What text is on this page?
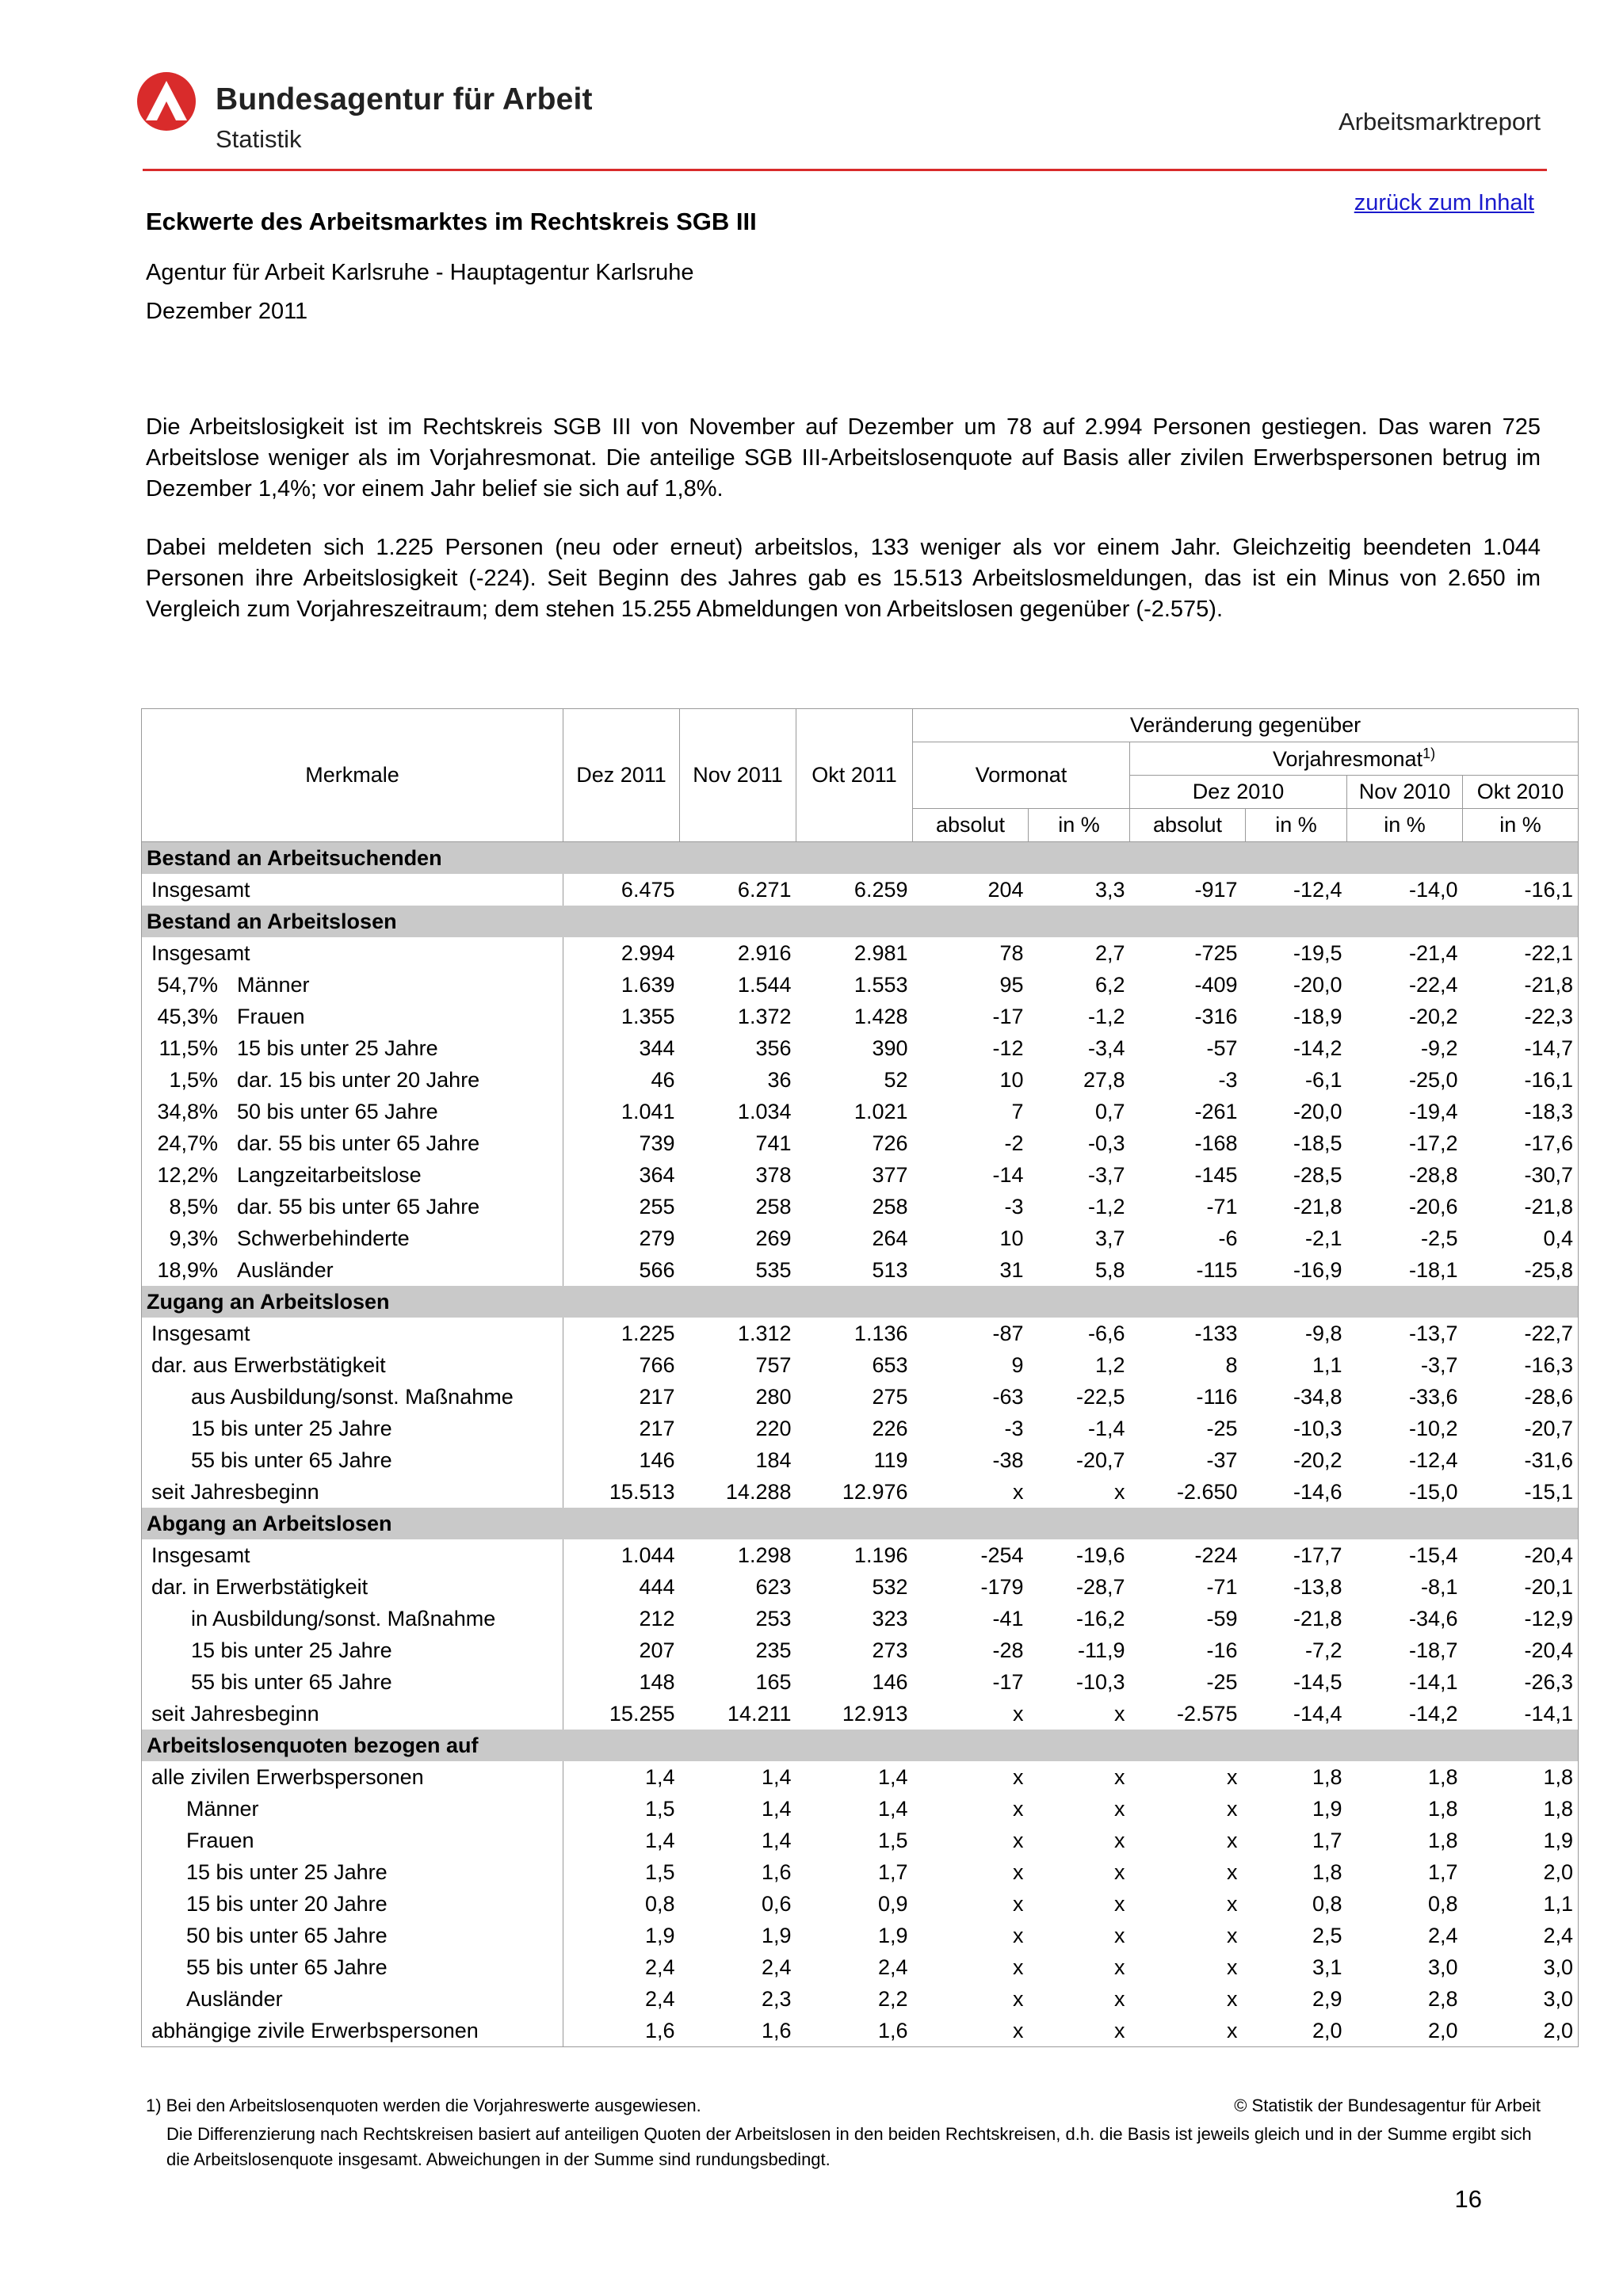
Bundesagentur für Arbeit
Statistik
Arbeitsmarktreport
zurück zum Inhalt
Eckwerte des Arbeitsmarktes im Rechtskreis SGB III
Agentur für Arbeit Karlsruhe - Hauptagentur Karlsruhe
Dezember 2011

Die Arbeitslosigkeit ist im Rechtskreis SGB III von November auf Dezember um 78 auf 2.994 Personen gestiegen. Das waren 725 Arbeitslose weniger als im Vorjahresmonat. Die anteilige SGB III-Arbeitslosenquote auf Basis aller zivilen Erwerbspersonen betrug im Dezember 1,4%; vor einem Jahr belief sie sich auf 1,8%.

Dabei meldeten sich 1.225 Personen (neu oder erneut) arbeitslos, 133 weniger als vor einem Jahr. Gleichzeitig beendeten 1.044 Personen ihre Arbeitslosigkeit (-224). Seit Beginn des Jahres gab es 15.513 Arbeitslosmeldungen, das ist ein Minus von 2.650 im Vergleich zum Vorjahreszeitraum; dem stehen 15.255 Abmeldungen von Arbeitslosen gegenüber (-2.575).

Merkmale	Dez 2011	Nov 2011	Okt 2011	Veränderung gegenüber					
				Vormonat		Vorjahresmonat$^{1)}$
						Dez 2010		Nov 2010	Okt 2010
				absolut	in %	absolut	in %	in %	in %
Bestand an Arbeitsuchenden									
Insgesamt	6.475	6.271	6.259	204	3,3	-917	-12,4	-14,0	-16,1
Bestand an Arbeitslosen									
Insgesamt	2.994	2.916	2.981	78	2,7	-725	-19,5	-21,4	-22,1
54,7% Männer	1.639	1.544	1.553	95	6,2	-409	-20,0	-22,4	-21,8
45,3% Frauen	1.355	1.372	1.428	-17	-1,2	-316	-18,9	-20,2	-22,3
11,5% 15 bis unter 25 Jahre	344	356	390	-12	-3,4	-57	-14,2	-9,2	-14,7
1,5% dar. 15 bis unter 20 Jahre	46	36	52	10	27,8	-3	-6,1	-25,0	-16,1
34,8% 50 bis unter 65 Jahre	1.041	1.034	1.021	7	0,7	-261	-20,0	-19,4	-18,3
24,7% dar. 55 bis unter 65 Jahre	739	741	726	-2	-0,3	-168	-18,5	-17,2	-17,6
12,2% Langzeitarbeitslose	364	378	377	-14	-3,7	-145	-28,5	-28,8	-30,7
8,5% dar. 55 bis unter 65 Jahre	255	258	258	-3	-1,2	-71	-21,8	-20,6	-21,8
9,3% Schwerbehinderte	279	269	264	10	3,7	-6	-2,1	-2,5	0,4
18,9% Ausländer	566	535	513	31	5,8	-115	-16,9	-18,1	-25,8
Zugang an Arbeitslosen									
Insgesamt	1.225	1.312	1.136	-87	-6,6	-133	-9,8	-13,7	-22,7
dar. aus Erwerbstätigkeit	766	757	653	9	1,2	8	1,1	-3,7	-16,3
aus Ausbildung/sonst. Maßnahme	217	280	275	-63	-22,5	-116	-34,8	-33,6	-28,6
15 bis unter 25 Jahre	217	220	226	-3	-1,4	-25	-10,3	-10,2	-20,7
55 bis unter 65 Jahre	146	184	119	-38	-20,7	-37	-20,2	-12,4	-31,6
seit Jahresbeginn	15.513	14.288	12.976	x	x	-2.650	-14,6	-15,0	-15,1
Abgang an Arbeitslosen									
Insgesamt	1.044	1.298	1.196	-254	-19,6	-224	-17,7	-15,4	-20,4
dar. in Erwerbstätigkeit	444	623	532	-179	-28,7	-71	-13,8	-8,1	-20,1
in Ausbildung/sonst. Maßnahme	212	253	323	-41	-16,2	-59	-21,8	-34,6	-12,9
15 bis unter 25 Jahre	207	235	273	-28	-11,9	-16	-7,2	-18,7	-20,4
55 bis unter 65 Jahre	148	165	146	-17	-10,3	-25	-14,5	-14,1	-26,3
seit Jahresbeginn	15.255	14.211	12.913	x	x	-2.575	-14,4	-14,2	-14,1
Arbeitslosenquoten bezogen auf									
alle zivilen Erwerbspersonen	1,4	1,4	1,4	x	x	x	1,8	1,8	1,8
Männer	1,5	1,4	1,4	x	x	x	1,9	1,8	1,8
Frauen	1,4	1,4	1,5	x	x	x	1,7	1,8	1,9
15 bis unter 25 Jahre	1,5	1,6	1,7	x	x	x	1,8	1,7	2,0
15 bis unter 20 Jahre	0,8	0,6	0,9	x	x	x	0,8	0,8	1,1
50 bis unter 65 Jahre	1,9	1,9	1,9	x	x	x	2,5	2,4	2,4
55 bis unter 65 Jahre	2,4	2,4	2,4	x	x	x	3,1	3,0	3,0
Ausländer	2,4	2,3	2,2	x	x	x	2,9	2,8	3,0
abhängige zivile Erwerbspersonen	1,6	1,6	1,6	x	x	x	2,0	2,0	2,0
1) Bei den Arbeitslosenquoten werden die Vorjahreswerte ausgewiesen.	© Statistik der Bundesagentur für Arbeit
Die Differenzierung nach Rechtskreisen basiert auf anteiligen Quoten der Arbeitslosen in den beiden Rechtskreisen, d.h. die Basis ist jeweils gleich und in der Summe ergibt sich die Arbeitslosenquote insgesamt. Abweichungen in der Summe sind rundungsbedingt.
16
